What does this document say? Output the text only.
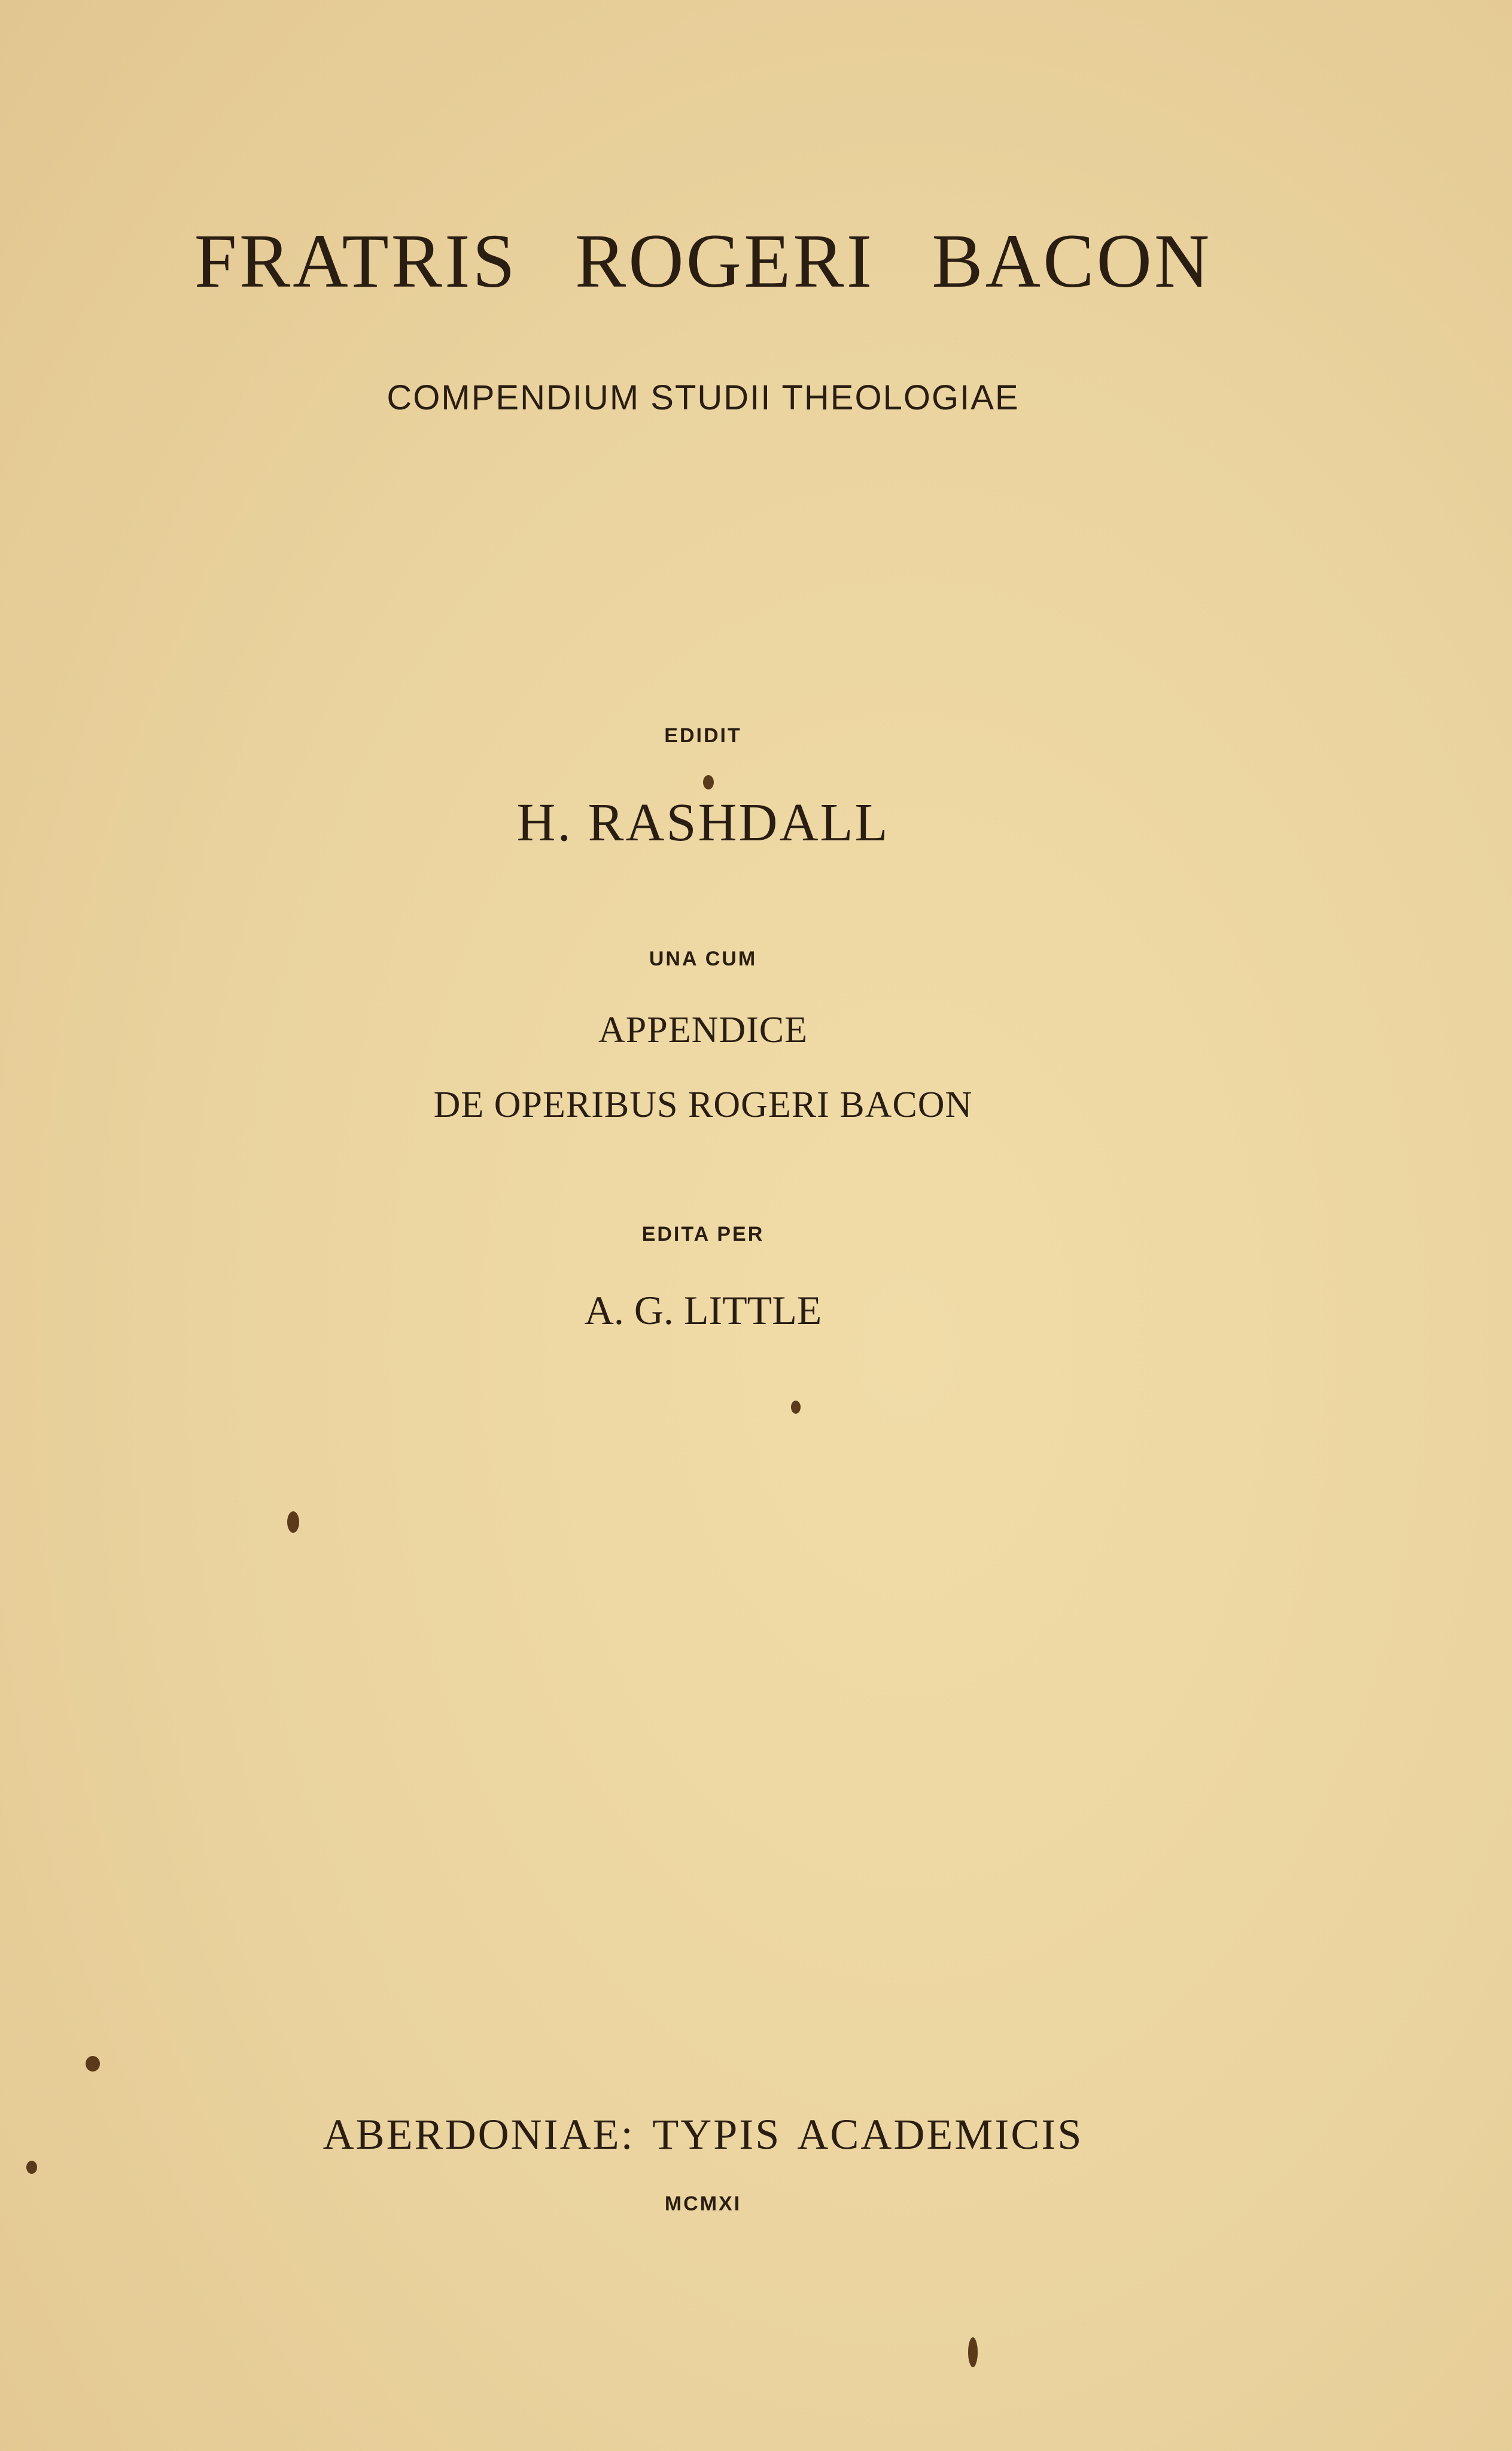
FRATRIS ROGERI BACON
COMPENDIUM STUDII THEOLOGIAE
EDIDIT
H. RASHDALL
UNA CUM
APPENDICE
DE OPERIBUS ROGERI BACON
EDITA PER
A. G. LITTLE
ABERDONIAE: TYPIS ACADEMICIS
MCMXI
